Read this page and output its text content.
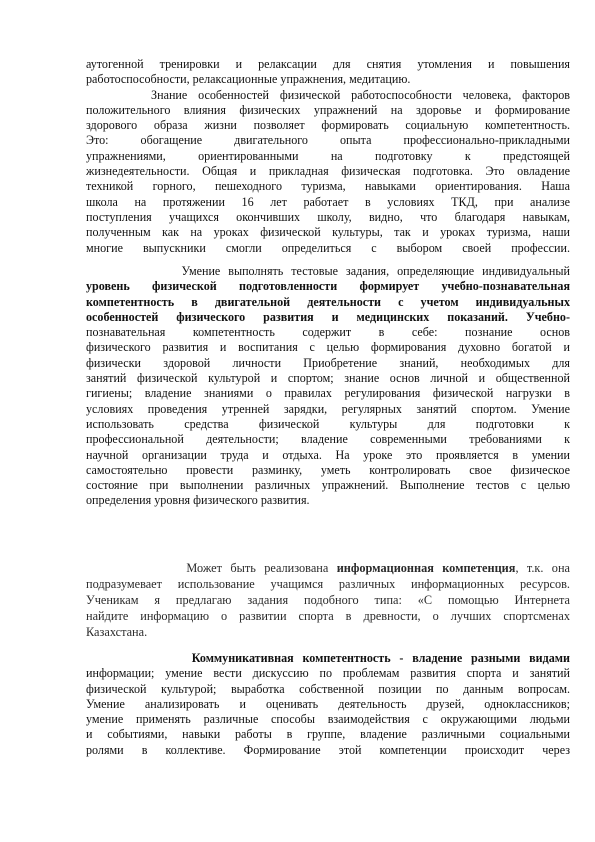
аутогенной тренировки и релаксации для снятия утомления и повышения
работоспособности, релаксационные упражнения, медитацию.
Знание особенностей физической работоспособности человека, факторов
положительного влияния физических упражнений на здоровье и формирование
здорового образа жизни позволяет формировать социальную компетентность.
Это: обогащение двигательного опыта профессионально-прикладными
упражнениями, ориентированными на подготовку к предстоящей
жизнедеятельности. Общая и прикладная физическая подготовка. Это овладение
техникой горного, пешеходного туризма, навыками ориентирования. Наша
школа на протяжении 16 лет работает в условиях ТКД, при анализе
поступления учащихся окончивших школу, видно, что благодаря навыкам,
полученным как на уроках физической культуры, так и уроках туризма, наши
многие выпускники смогли определиться с выбором своей профессии.
Умение выполнять тестовые задания, определяющие индивидуальный
уровень физической подготовленности формирует учебно-познавательная
компетентность в двигательной деятельности с учетом индивидуальных
особенностей физического развития и медицинских показаний. Учебно-
познавательная компетентность содержит в себе: познание основ
физического развития и воспитания с целью формирования духовно богатой и
физически здоровой личности Приобретение знаний, необходимых для
занятий физической культурой и спортом; знание основ личной и общественной
гигиены; владение знаниями о правилах регулирования физической нагрузки в
условиях проведения утренней зарядки, регулярных занятий спортом. Умение
использовать средства физической культуры для подготовки к
профессиональной деятельности; владение современными требованиями к
научной организации труда и отдыха. На уроке это проявляется в умении
самостоятельно провести разминку, уметь контролировать свое физическое
состояние при выполнении различных упражнений. Выполнение тестов с целью
определения уровня физического развития.
Может быть реализована информационная компетенция, т.к. она
подразумевает использование учащимся различных информационных ресурсов.
Ученикам я предлагаю задания подобного типа: «С помощью Интернета
найдите информацию о развитии спорта в древности, о лучших спортсменах
Казахстана.
Коммуникативная компетентность - владение разными видами
информации; умение вести дискуссию по проблемам развития спорта и занятий
физической культурой; выработка собственной позиции по данным вопросам.
Умение анализировать и оценивать деятельность друзей, одноклассников;
умение применять различные способы взаимодействия с окружающими людьми
и событиями, навыки работы в группе, владение различными социальными
ролями в коллективе. Формирование этой компетенции происходит через
